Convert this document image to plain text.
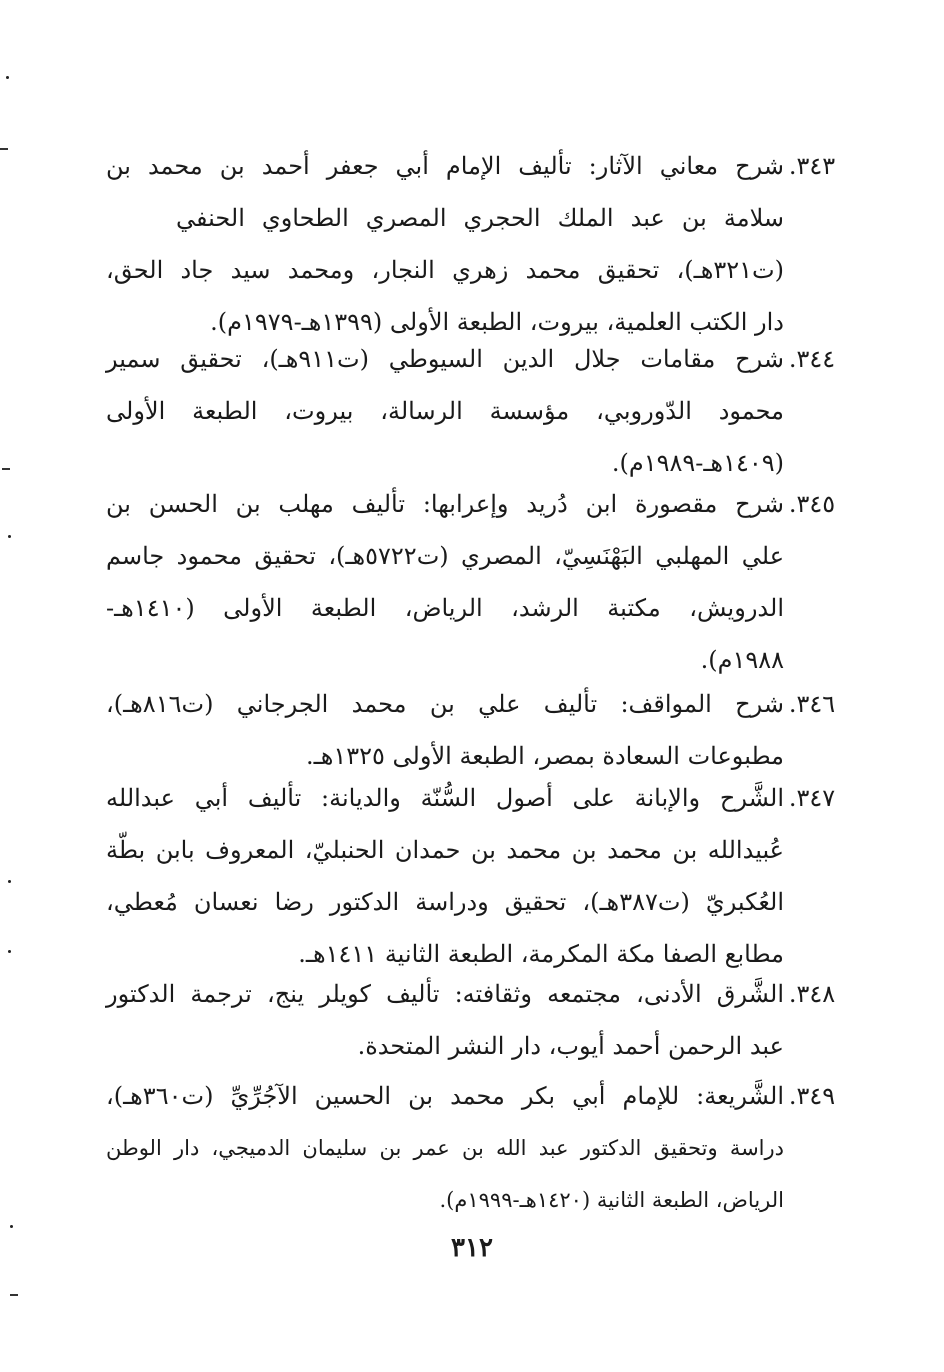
٣٤٣.
شرح معاني الآثار: تأليف الإمام أبي جعفر أحمد بن محمد بن
سلامة بن عبد الملك الحجري المصري الطحاوي الحنفي
(ت٣٢١هـ)، تحقيق محمد زهري النجار، ومحمد سيد جاد الحق،
دار الكتب العلمية، بيروت، الطبعة الأولى (١٣٩٩هـ-١٩٧٩م).
٣٤٤.
شرح مقامات جلال الدين السيوطي (ت٩١١هـ)، تحقيق سمير
محمود الدّوروبي، مؤسسة الرسالة، بيروت، الطبعة الأولى
(١٤٠٩هـ-١٩٨٩م).
٣٤٥.
شرح مقصورة ابن دُريد وإعرابها: تأليف مهلب بن الحسن بن
علي المهلبي البَهْنَسِيّ، المصري (ت٥٧٢٢هـ)، تحقيق محمود جاسم
الدرويش، مكتبة الرشد، الرياض، الطبعة الأولى (١٤١٠هـ-
١٩٨٨م).
٣٤٦.
شرح المواقف: تأليف علي بن محمد الجرجاني (ت٨١٦هـ)،
مطبوعات السعادة بمصر، الطبعة الأولى ١٣٢٥هـ.
٣٤٧.
الشَّرح والإبانة على أصول السُّنّة والديانة: تأليف أبي عبدالله
عُبيدالله بن محمد بن محمد بن حمدان الحنبليّ، المعروف بابن بطّة
العُكبريّ (ت٣٨٧هـ)، تحقيق ودراسة الدكتور رضا نعسان مُعطي،
مطابع الصفا مكة المكرمة، الطبعة الثانية ١٤١١هـ.
٣٤٨.
الشَّرق الأدنى، مجتمعه وثقافته: تأليف كويلر ينج، ترجمة الدكتور
عبد الرحمن أحمد أيوب، دار النشر المتحدة.
٣٤٩.
الشَّريعة: للإمام أبي بكر محمد بن الحسين الآجُرِّيِّ (ت٣٦٠هـ)،
دراسة وتحقيق الدكتور عبد الله بن عمر بن سليمان الدميجي، دار الوطن
الرياض، الطبعة الثانية (١٤٢٠هـ-١٩٩٩م).
٣١٢
